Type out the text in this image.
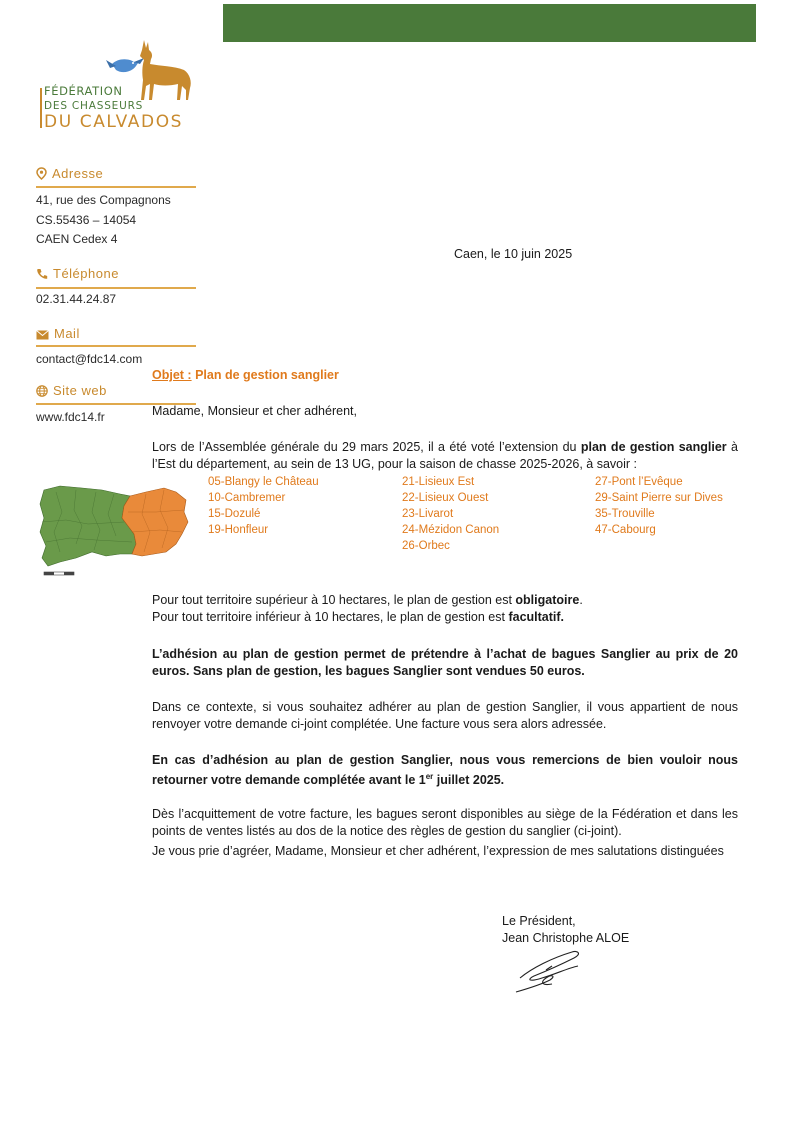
FÉDÉRATION
DES CHASSEURS
DU CALVADOS
Adresse
41, rue des Compagnons
CS.55436 – 14054
CAEN Cedex 4
Téléphone
02.31.44.24.87
Mail
contact@fdc14.com
Site web
www.fdc14.fr
Caen, le 10 juin 2025
Objet : Plan de gestion sanglier
Madame, Monsieur et cher adhérent,
Lors de l’Assemblée générale du 29 mars 2025, il a été voté l’extension du plan de gestion sanglier à l’Est du département, au sein de 13 UG, pour la saison de chasse 2025-2026, à savoir :
05-Blangy le Château
10-Cambremer
15-Dozulé
19-Honfleur
21-Lisieux Est
22-Lisieux Ouest
23-Livarot
24-Mézidon Canon
26-Orbec
27-Pont l’Evêque
29-Saint Pierre sur Dives
35-Trouville
47-Cabourg
Pour tout territoire supérieur à 10 hectares, le plan de gestion est obligatoire.
Pour tout territoire inférieur à 10 hectares, le plan de gestion est facultatif.
L’adhésion au plan de gestion permet de prétendre à l’achat de bagues Sanglier au prix de 20 euros. Sans plan de gestion, les bagues Sanglier sont vendues 50 euros.
Dans ce contexte, si vous souhaitez adhérer au plan de gestion Sanglier, il vous appartient de nous renvoyer votre demande ci-joint complétée. Une facture vous sera alors adressée.
En cas d’adhésion au plan de gestion Sanglier, nous vous remercions de bien vouloir nous retourner votre demande complétée avant le 1er juillet 2025.
Dès l’acquittement de votre facture, les bagues seront disponibles au siège de la Fédération et dans les points de ventes listés au dos de la notice des règles de gestion du sanglier (ci-joint).
Je vous prie d’agréer, Madame, Monsieur et cher adhérent, l’expression de mes salutations distinguées
Le Président,
Jean Christophe ALOE
